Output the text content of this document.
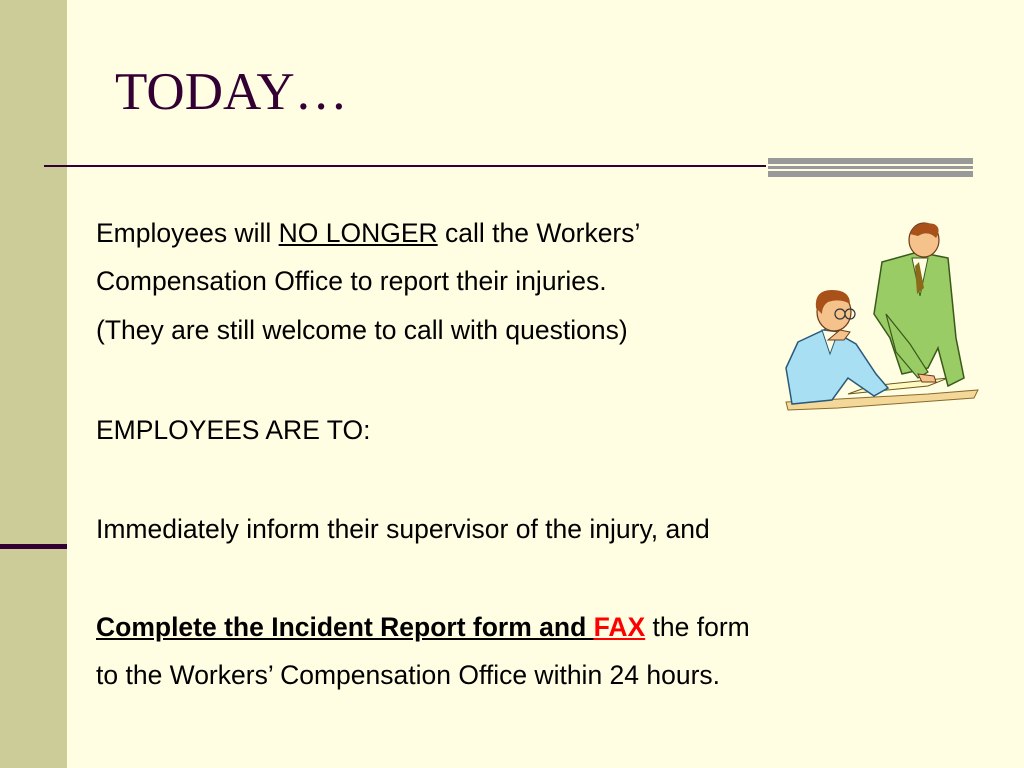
TODAY…
Employees will NO LONGER call the Workers’
Compensation Office to report their injuries.
(They are still welcome to call with questions)
EMPLOYEES ARE TO:
Immediately inform their supervisor of the injury, and
Complete the Incident Report form and FAX the form
to the Workers’ Compensation Office within 24 hours.
